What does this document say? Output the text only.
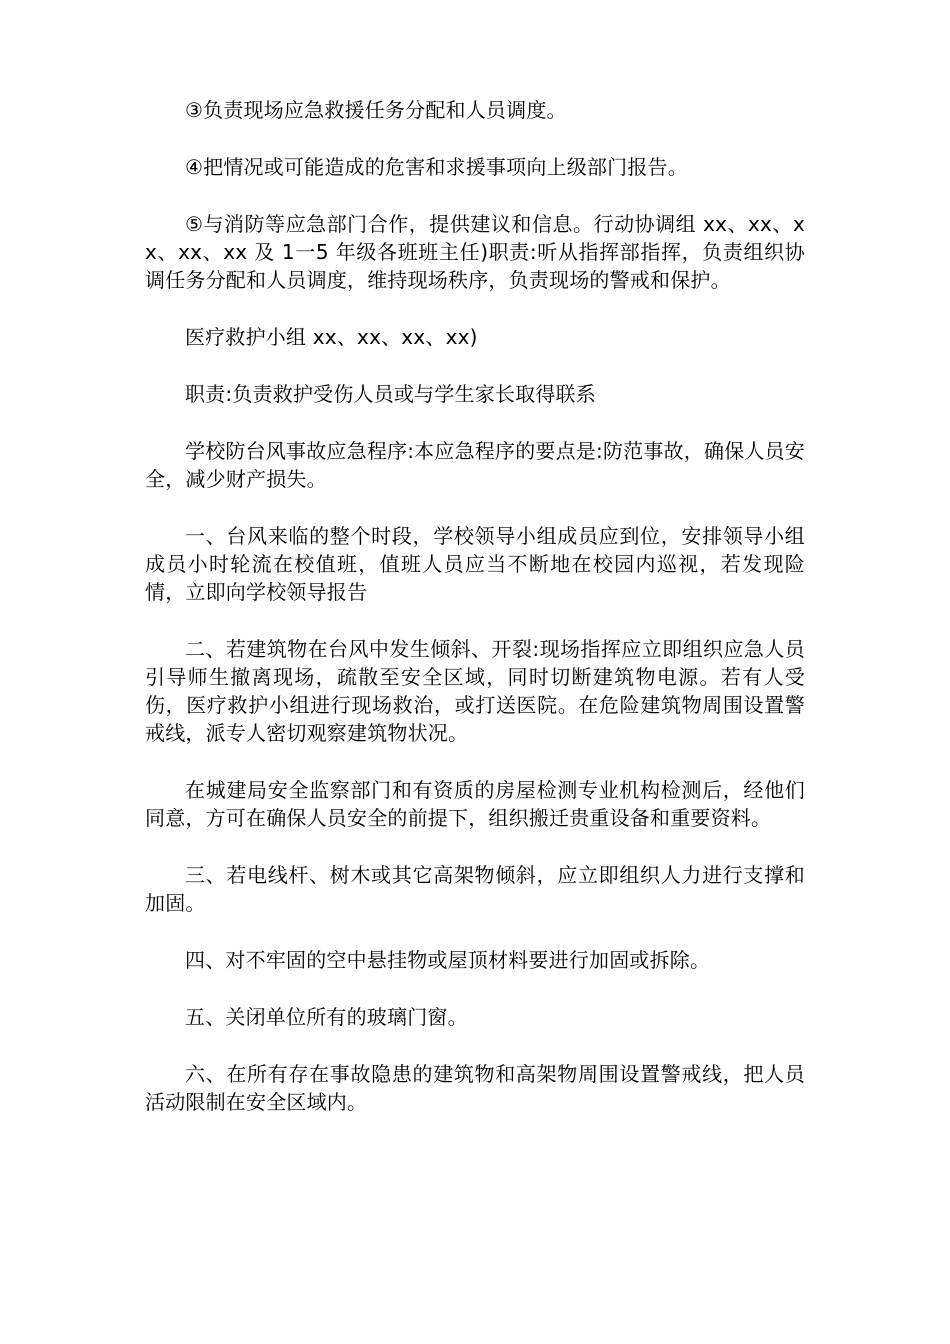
③负责现场应急救援任务分配和人员调度。

④把情况或可能造成的危害和求援事项向上级部门报告。

⑤与消防等应急部门合作，提供建议和信息。行动协调组 xx、xx、xx、xx、xx 及 1一5 年级各班班主任)职责:听从指挥部指挥，负责组织协调任务分配和人员调度，维持现场秩序，负责现场的警戒和保护。

医疗救护小组 xx、xx、xx、xx)

职责:负责救护受伤人员或与学生家长取得联系

学校防台风事故应急程序:本应急程序的要点是:防范事故，确保人员安全，减少财产损失。

一、台风来临的整个时段，学校领导小组成员应到位，安排领导小组成员小时轮流在校值班，值班人员应当不断地在校园内巡视，若发现险情，立即向学校领导报告

二、若建筑物在台风中发生倾斜、开裂:现场指挥应立即组织应急人员引导师生撤离现场，疏散至安全区域，同时切断建筑物电源。若有人受伤，医疗救护小组进行现场救治，或打送医院。在危险建筑物周围设置警戒线，派专人密切观察建筑物状况。

在城建局安全监察部门和有资质的房屋检测专业机构检测后，经他们同意，方可在确保人员安全的前提下，组织搬迁贵重设备和重要资料。

三、若电线杆、树木或其它高架物倾斜，应立即组织人力进行支撑和加固。

四、对不牢固的空中悬挂物或屋顶材料要进行加固或拆除。

五、关闭单位所有的玻璃门窗。

六、在所有存在事故隐患的建筑物和高架物周围设置警戒线，把人员活动限制在安全区域内。
